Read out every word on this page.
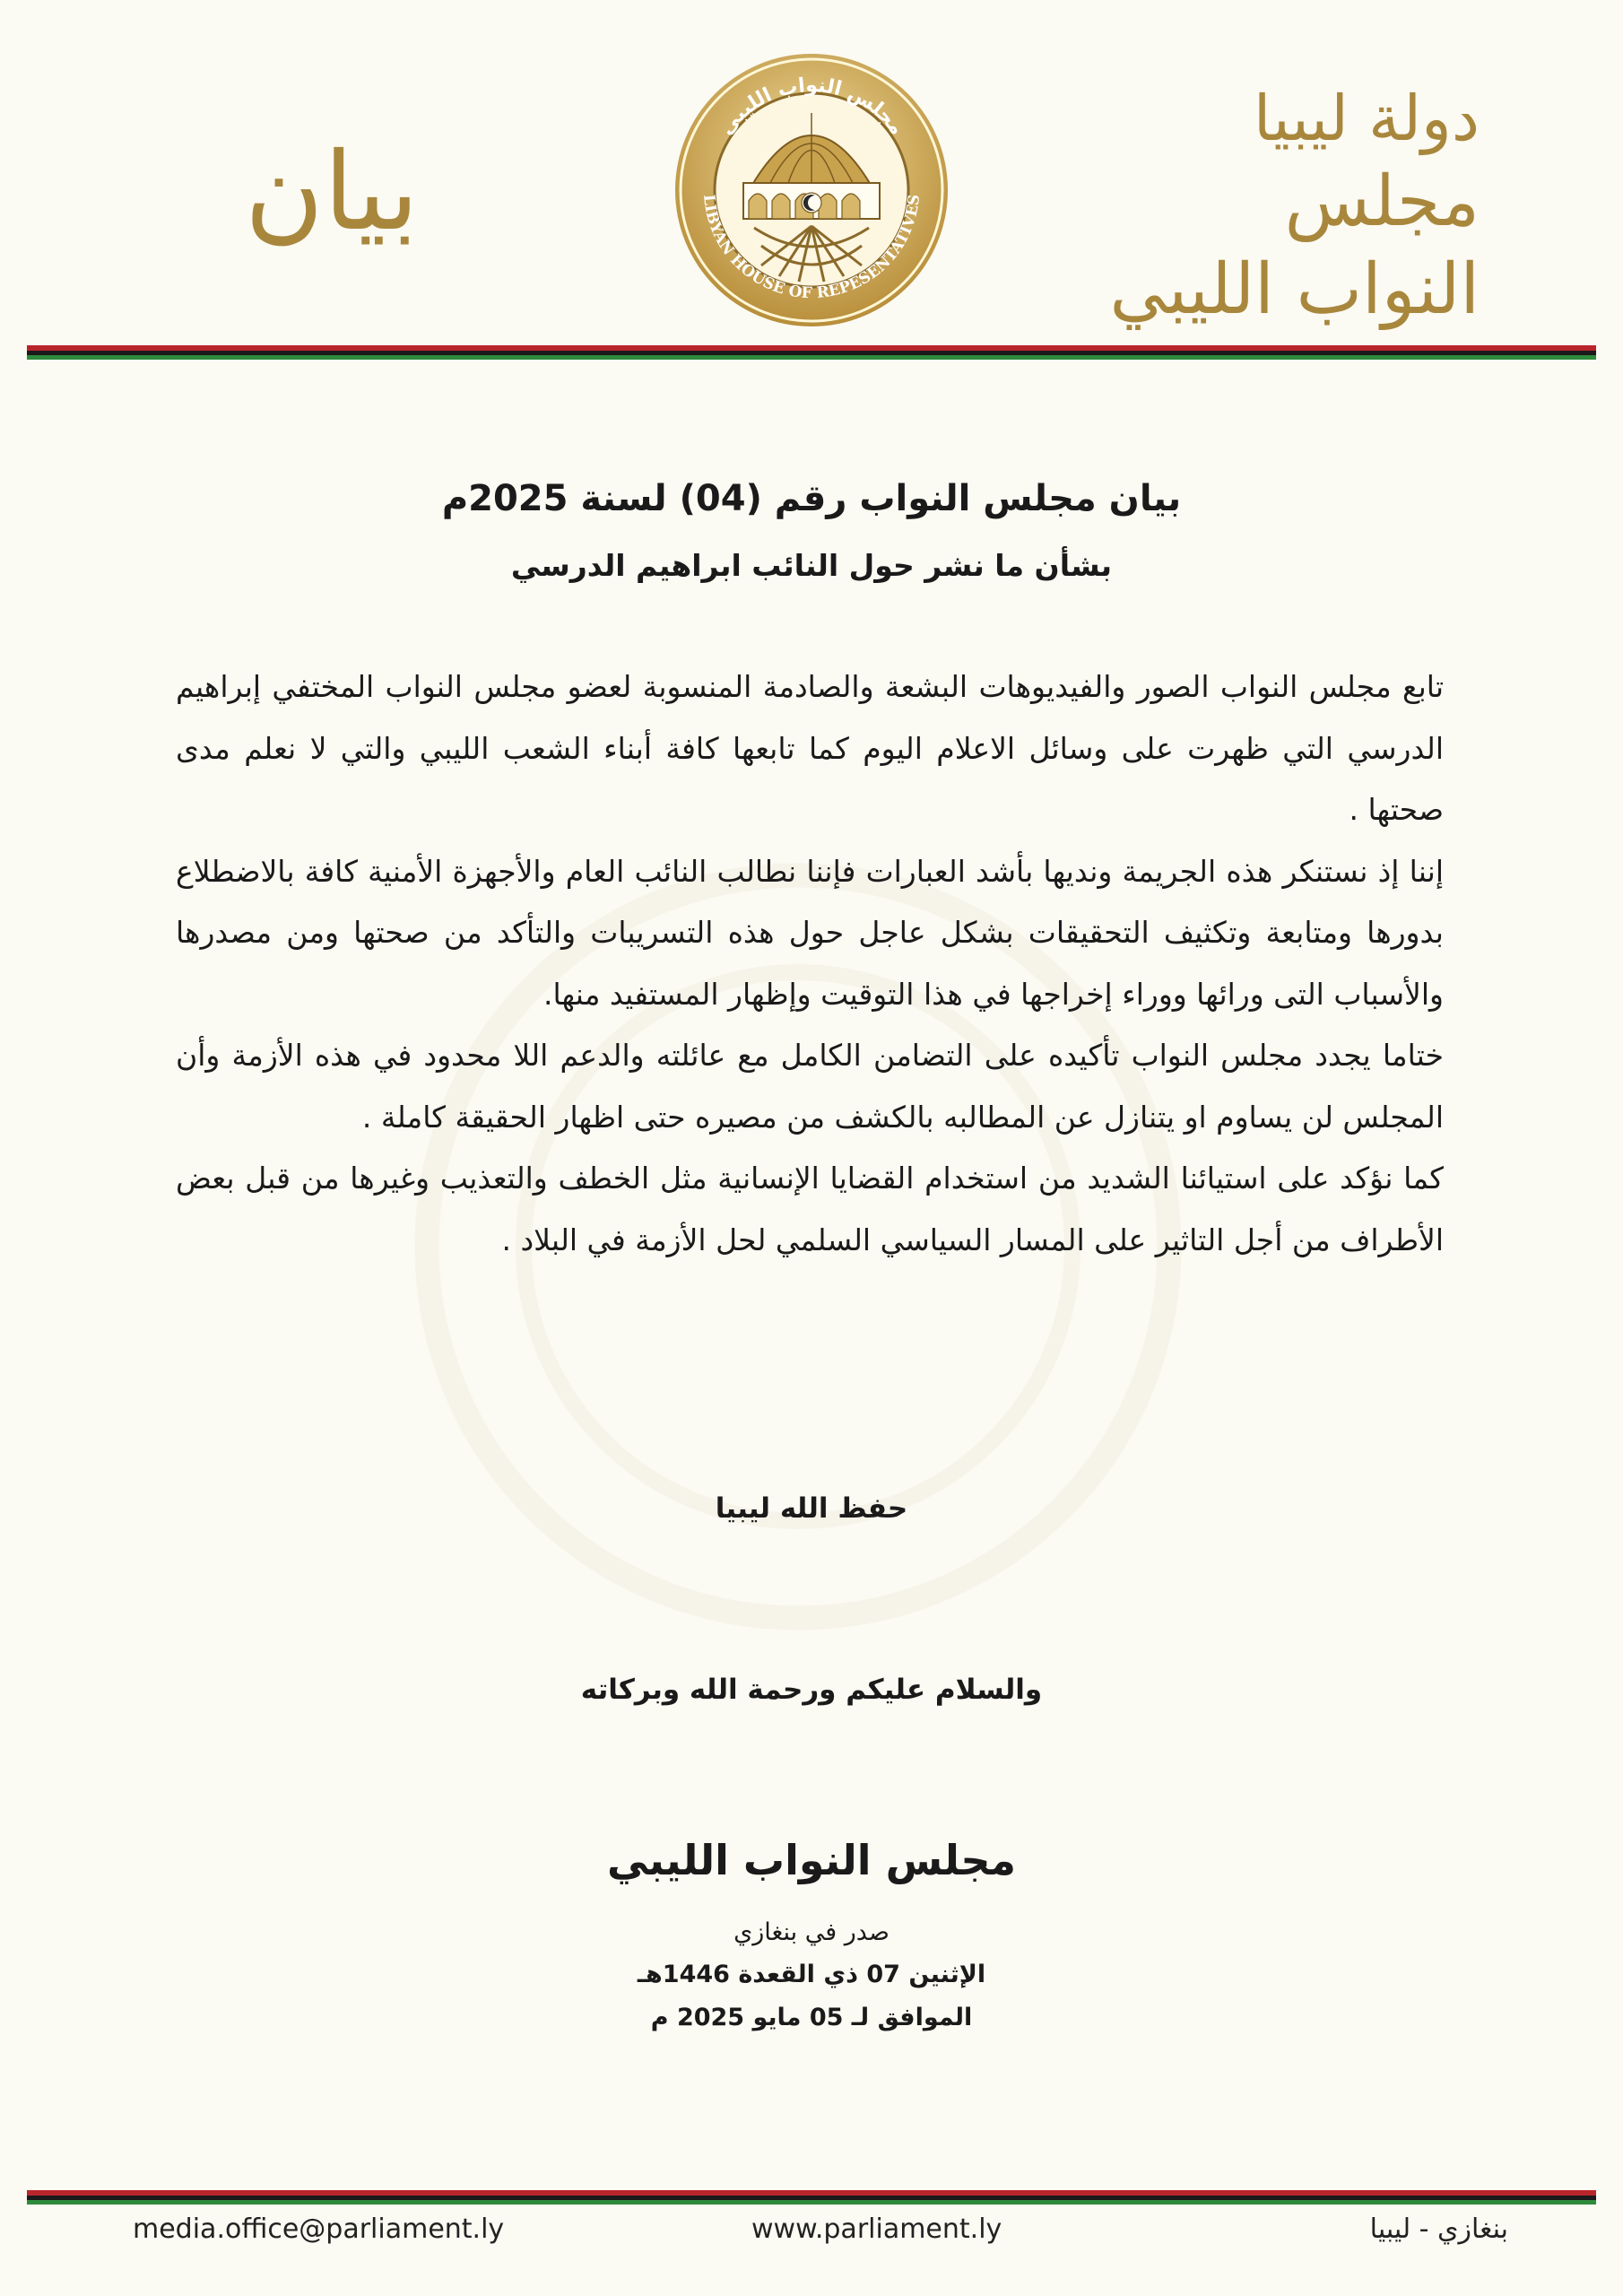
دولة ليبيا
مجلس النواب الليبي
مجلس النواب الليبي
LIBYAN HOUSE OF REPESENTATIVES
بيان
بيان مجلس النواب رقم (04) لسنة 2025م
بشأن ما نشر حول النائب ابراهيم الدرسي

تابع مجلس النواب الصور والفيديوهات البشعة والصادمة المنسوبة لعضو مجلس النواب المختفي إبراهيم الدرسي التي ظهرت على وسائل الاعلام اليوم كما تابعها كافة أبناء الشعب الليبي والتي لا نعلم مدى صحتها .

إننا إذ نستنكر هذه الجريمة ونديها بأشد العبارات فإننا نطالب النائب العام والأجهزة الأمنية كافة بالاضطلاع بدورها ومتابعة وتكثيف التحقيقات بشكل عاجل حول هذه التسريبات والتأكد من صحتها ومن مصدرها والأسباب التى ورائها ووراء إخراجها في هذا التوقيت وإظهار المستفيد منها.

ختاما يجدد مجلس النواب تأكيده على التضامن الكامل مع عائلته والدعم اللا محدود في هذه الأزمة وأن المجلس لن يساوم او يتنازل عن المطالبه بالكشف من مصيره حتى اظهار الحقيقة كاملة .

كما نؤكد على استيائنا الشديد من استخدام القضايا الإنسانية مثل الخطف والتعذيب وغيرها من قبل بعض الأطراف من أجل التاثير على المسار السياسي السلمي لحل الأزمة في البلاد .

حفظ الله ليبيا
والسلام عليكم ورحمة الله وبركاته
مجلس النواب الليبي
صدر في بنغازي
الإثنين 07 ذي القعدة 1446هـ
الموافق لـ 05 مايو 2025 م
media.office@parliament.ly	www.parliament.ly	بنغازي - ليبيا
